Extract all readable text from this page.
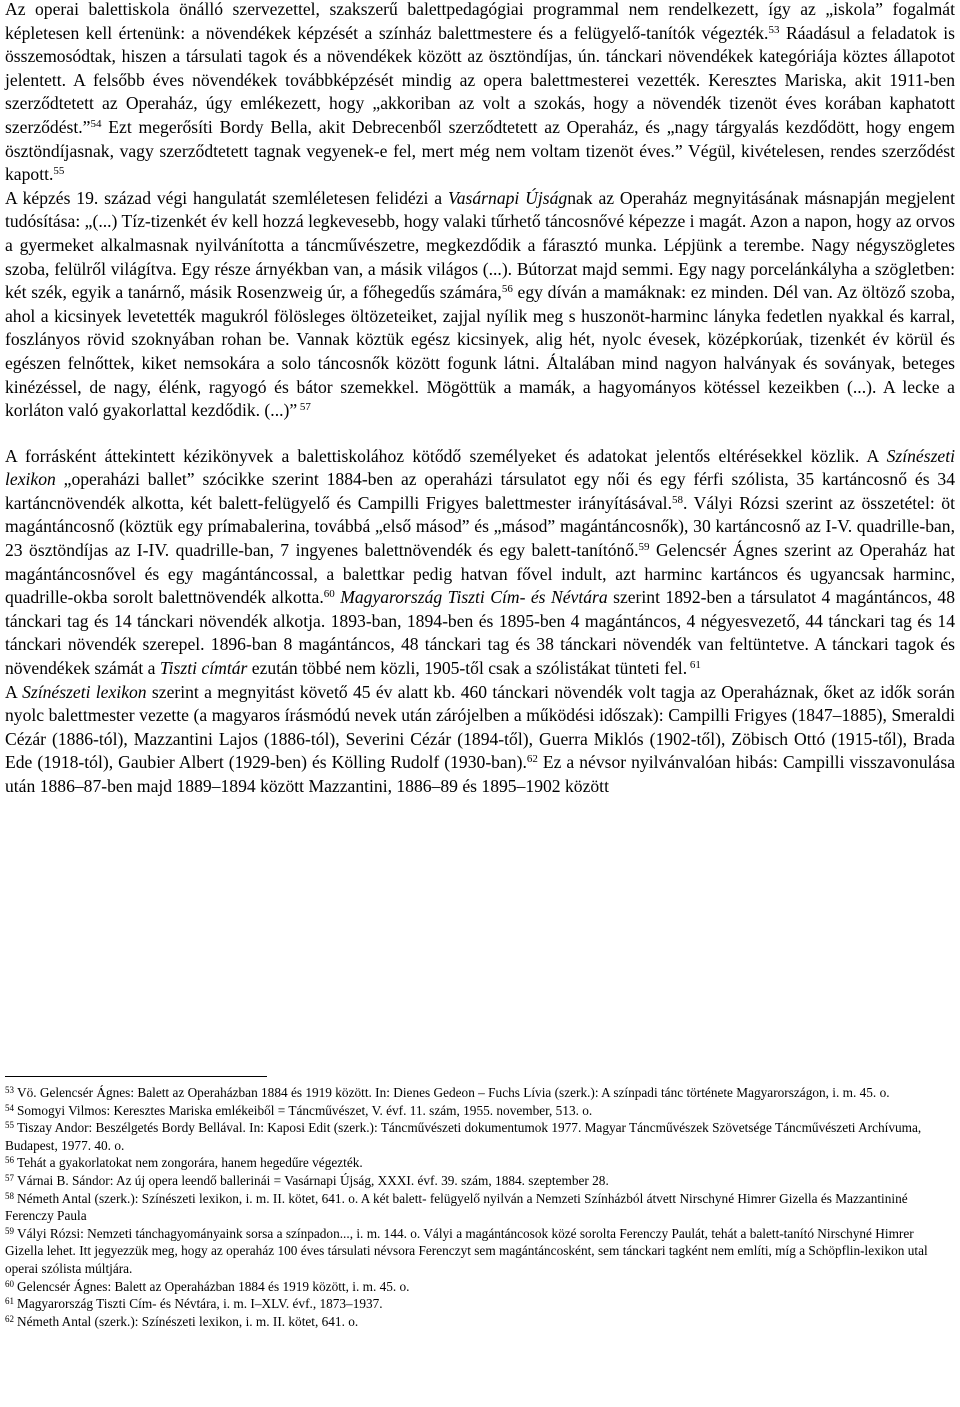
Az operai balettiskola önálló szervezettel, szakszerű balettpedagógiai programmal nem rendelkezett, így az „iskola” fogalmát képletesen kell értenünk: a növendékek képzését a színház balettmestere és a felügyelő-tanítók végezték.$^{53}$ Ráadásul a feladatok is összemosódtak, hiszen a társulati tagok és a növendékek között az ösztöndíjas, ún. tánckari növendékek kategóriája köztes állapotot jelentett. A felsőbb éves növendékek továbbképzését mindig az opera balettmesterei vezették. Keresztes Mariska, akit 1911-ben szerződtetett az Operaház, úgy emlékezett, hogy „akkoriban az volt a szokás, hogy a növendék tizenöt éves korában kaphatott szerződést.”$^{54}$ Ezt megerősíti Bordy Bella, akit Debrecenből szerződtetett az Operaház, és „nagy tárgyalás kezdődött, hogy engem ösztöndíjasnak, vagy szerződtetett tagnak vegyenek-e fel, mert még nem voltam tizenöt éves.” Végül, kivételesen, rendes szerződést kapott.$^{55}$

A képzés 19. század végi hangulatát szemléletesen felidézi a Vasárnapi Újságnak az Operaház megnyitásának másnapján megjelent tudósítása: „(...) Tíz-tizenkét év kell hozzá legkevesebb, hogy valaki tűrhető táncosnővé képezze i magát. Azon a napon, hogy az orvos a gyermeket alkalmasnak nyilvánította a táncművészetre, megkezdődik a fárasztó munka. Lépjünk a terembe. Nagy négyszögletes szoba, felülről világítva. Egy része árnyékban van, a másik világos (...). Bútorzat majd semmi. Egy nagy porcelánkályha a szögletben: két szék, egyik a tanárnő, másik Rosenzweig úr, a főhegedűs számára,$^{56}$ egy díván a mamáknak: ez minden. Dél van. Az öltöző szoba, ahol a kicsinyek levetették magukról fölösleges öltözeteiket, zajjal nyílik meg s huszonöt-harminc lányka fedetlen nyakkal és karral, foszlányos rövid szoknyában rohan be. Vannak köztük egész kicsinyek, alig hét, nyolc évesek, középkorúak, tizenkét év körül és egészen felnőttek, kiket nemsokára a solo táncosnők között fogunk látni. Általában mind nagyon halványak és soványak, beteges kinézéssel, de nagy, élénk, ragyogó és bátor szemekkel. Mögöttük a mamák, a hagyományos kötéssel kezeikben (...). A lecke a korláton való gyakorlattal kezdődik. (...)” $^{57}$

A forrásként áttekintett kézikönyvek a balettiskolához kötődő személyeket és adatokat jelentős eltérésekkel közlik. A Színészeti lexikon „operaházi ballet” szócikke szerint 1884-ben az operaházi társulatot egy női és egy férfi szólista, 35 kartáncosnő és 34 kartáncnövendék alkotta, két balett-felügyelő és Campilli Frigyes balettmester irányításával.$^{58}$. Vályi Rózsi szerint az összetétel: öt magántáncosnő (köztük egy prímabalerina, továbbá „első másod” és „másod” magántáncosnők), 30 kartáncosnő az I-V. quadrille-ban, 23 ösztöndíjas az I-IV. quadrille-ban, 7 ingyenes balettnövendék és egy balett-tanítónő.$^{59}$ Gelencsér Ágnes szerint az Operaház hat magántáncosnővel és egy magántáncossal, a balettkar pedig hatvan fővel indult, azt harminc kartáncos és ugyancsak harminc, quadrille-okba sorolt balettnövendék alkotta.$^{60}$ Magyarország Tiszti Cím- és Névtára szerint 1892-ben a társulatot 4 magántáncos, 48 tánckari tag és 14 tánckari növendék alkotja. 1893-ban, 1894-ben és 1895-ben 4 magántáncos, 4 négyesvezető, 44 tánckari tag és 14 tánckari növendék szerepel. 1896-ban 8 magántáncos, 48 tánckari tag és 38 tánckari növendék van feltüntetve. A tánckari tagok és növendékek számát a Tiszti címtár ezután többé nem közli, 1905-től csak a szólistákat tünteti fel. $^{61}$

A Színészeti lexikon szerint a megnyitást követő 45 év alatt kb. 460 tánckari növendék volt tagja az Operaháznak, őket az idők során nyolc balettmester vezette (a magyaros írásmódú nevek után zárójelben a működési időszak): Campilli Frigyes (1847–1885), Smeraldi Cézár (1886-tól), Mazzantini Lajos (1886-tól), Severini Cézár (1894-től), Guerra Miklós (1902-től), Zöbisch Ottó (1915-től), Brada Ede (1918-tól), Gaubier Albert (1929-ben) és Kölling Rudolf (1930-ban).$^{62}$ Ez a névsor nyilvánvalóan hibás: Campilli visszavonulása után 1886–87-ben majd 1889–1894 között Mazzantini, 1886–89 és 1895–1902 között

$^{53}$ Vö. Gelencsér Ágnes: Balett az Operaházban 1884 és 1919 között. In: Dienes Gedeon – Fuchs Lívia (szerk.): A színpadi tánc története Magyarországon, i. m. 45. o.

$^{54}$ Somogyi Vilmos: Keresztes Mariska emlékeiből = Táncművészet, V. évf. 11. szám, 1955. november, 513. o.

$^{55}$ Tiszay Andor: Beszélgetés Bordy Bellával. In: Kaposi Edit (szerk.): Táncművészeti dokumentumok 1977. Magyar Táncművészek Szövetsége Táncművészeti Archívuma, Budapest, 1977. 40. o.

$^{56}$ Tehát a gyakorlatokat nem zongorára, hanem hegedűre végezték.

$^{57}$ Várnai B. Sándor: Az új opera leendő ballerinái = Vasárnapi Újság, XXXI. évf. 39. szám, 1884. szeptember 28.

$^{58}$ Németh Antal (szerk.): Színészeti lexikon, i. m. II. kötet, 641. o. A két balett- felügyelő nyilván a Nemzeti Színházból átvett Nirschyné Himrer Gizella és Mazzantininé Ferenczy Paula

$^{59}$ Vályi Rózsi: Nemzeti tánchagyományaink sorsa a színpadon..., i. m. 144. o. Vályi a magántáncosok közé sorolta Ferenczy Paulát, tehát a balett-tanító Nirschyné Himrer Gizella lehet. Itt jegyezzük meg, hogy az operaház 100 éves társulati névsora Ferenczyt sem magántáncosként, sem tánckari tagként nem említi, míg a Schöpflin-lexikon utal operai szólista múltjára.

$^{60}$ Gelencsér Ágnes: Balett az Operaházban 1884 és 1919 között, i. m. 45. o.

$^{61}$ Magyarország Tiszti Cím- és Névtára, i. m. I–XLV. évf., 1873–1937.

$^{62}$ Németh Antal (szerk.): Színészeti lexikon, i. m. II. kötet, 641. o.
